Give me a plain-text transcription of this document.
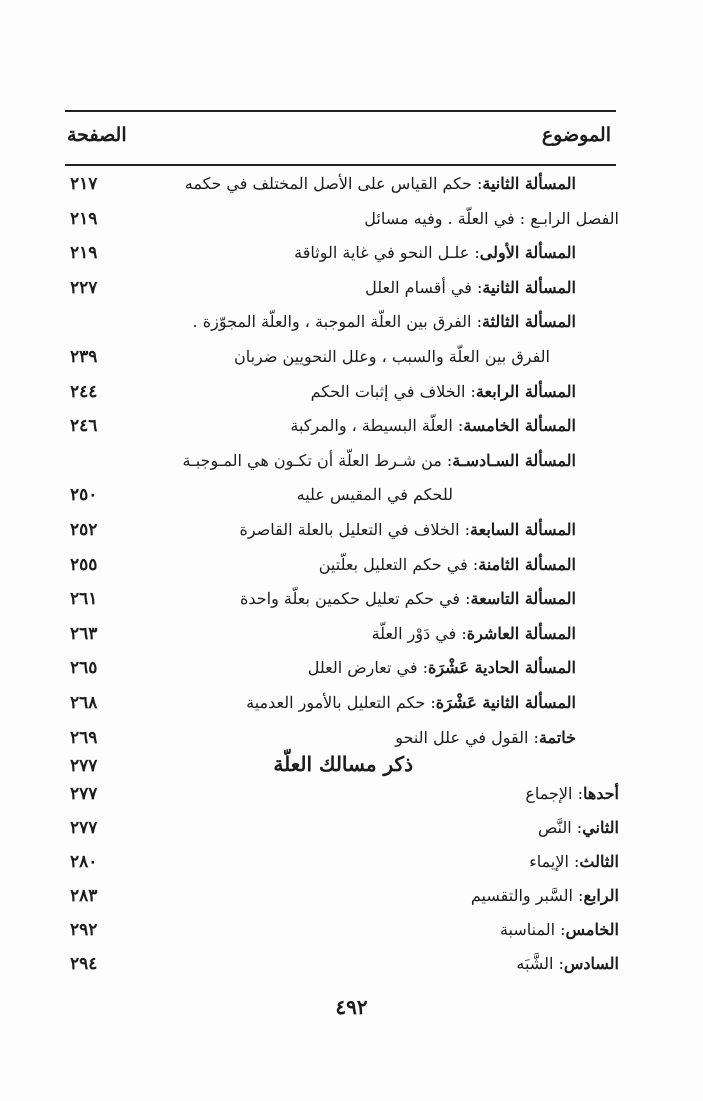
الموضوع
الصفحة
المسألة الثانية: حكم القياس على الأصل المختلف في حكمه
٢١٧
الفصل الرابـع : في العلّة . وفيه مسائل
٢١٩
المسألة الأولى: علـل النحو في غاية الوثاقة
٢١٩
المسألة الثانية: في أقسام العلل
٢٢٧
المسألة الثالثة: الفرق بين العلّة الموجبة ، والعلّة المجوّزة .
الفرق بين العلّة والسبب ، وعلل النحويين ضربان
٢٣٩
المسألة الرابعة: الخلاف في إثبات الحكم
٢٤٤
المسألة الخامسة: العلّة البسيطة ، والمركبة
٢٤٦
المسألة السـادسـة: من شـرط العلّة أن تكـون هي المـوجبـة
للحكم في المقيس عليه
٢٥٠
المسألة السابعة: الخلاف في التعليل بالعلة القاصرة
٢٥٢
المسألة الثامنة: في حكم التعليل بعلّتين
٢٥٥
المسألة التاسعة: في حكم تعليل حكمين بعلّة واحدة
٢٦١
المسألة العاشرة: في دَوْر العلّة
٢٦٣
المسألة الحادية عَشْرَة: في تعارض العلل
٢٦٥
المسألة الثانية عَشْرَة: حكم التعليل بالأمور العدمية
٢٦٨
خاتمة: القول في علل النحو
٢٦٩
ذكر مسالك العلّة
٢٧٧
أحدها: الإجماع
٢٧٧
الثاني: النَّص
٢٧٧
الثالث: الإيماء
٢٨٠
الرابع: السَّبر والتقسيم
٢٨٣
الخامس: المناسبة
٢٩٢
السادس: الشَّبَه
٢٩٤
٤٩٢
